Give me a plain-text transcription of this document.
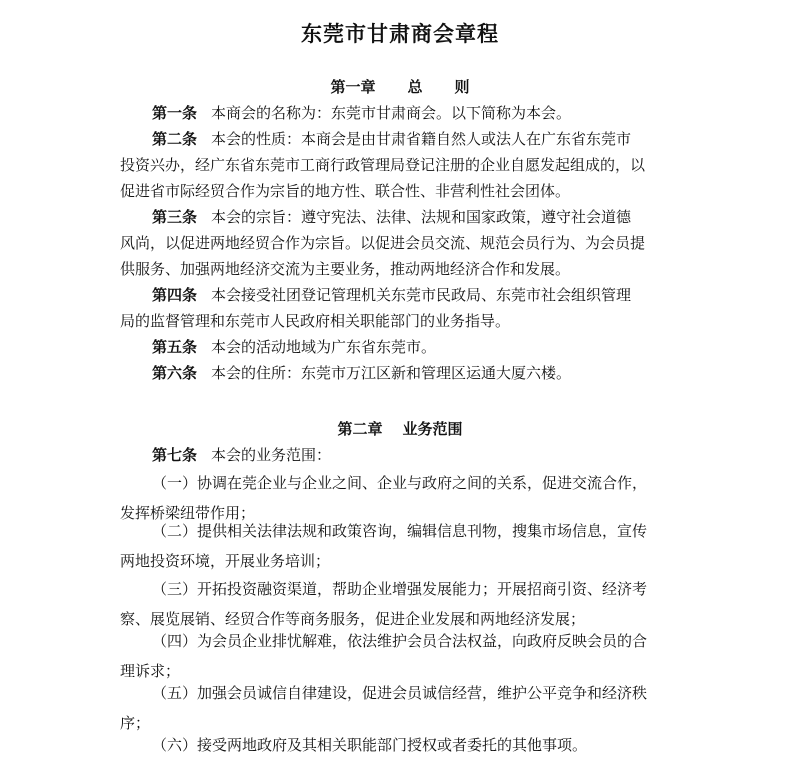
东莞市甘肃商会章程
第一章 总 则
第一条 本商会的名称为：东莞市甘肃商会。以下简称为本会。
第二条 本会的性质：本商会是由甘肃省籍自然人或法人在广东省东莞市
投资兴办，经广东省东莞市工商行政管理局登记注册的企业自愿发起组成的，以
促进省市际经贸合作为宗旨的地方性、联合性、非营利性社会团体。
第三条 本会的宗旨：遵守宪法、法律、法规和国家政策，遵守社会道德
风尚，以促进两地经贸合作为宗旨。以促进会员交流、规范会员行为、为会员提
供服务、加强两地经济交流为主要业务，推动两地经济合作和发展。
第四条 本会接受社团登记管理机关东莞市民政局、东莞市社会组织管理
局的监督管理和东莞市人民政府相关职能部门的业务指导。
第五条 本会的活动地域为广东省东莞市。
第六条 本会的住所：东莞市万江区新和管理区运通大厦六楼。
第二章 业务范围
第七条 本会的业务范围：
（一）协调在莞企业与企业之间、企业与政府之间的关系，促进交流合作，
发挥桥梁纽带作用；
（二）提供相关法律法规和政策咨询，编辑信息刊物，搜集市场信息，宣传
两地投资环境，开展业务培训；
（三）开拓投资融资渠道，帮助企业增强发展能力；开展招商引资、经济考
察、展览展销、经贸合作等商务服务，促进企业发展和两地经济发展；
（四）为会员企业排忧解难，依法维护会员合法权益，向政府反映会员的合
理诉求；
（五）加强会员诚信自律建设，促进会员诚信经营，维护公平竞争和经济秩
序；
（六）接受两地政府及其相关职能部门授权或者委托的其他事项。
